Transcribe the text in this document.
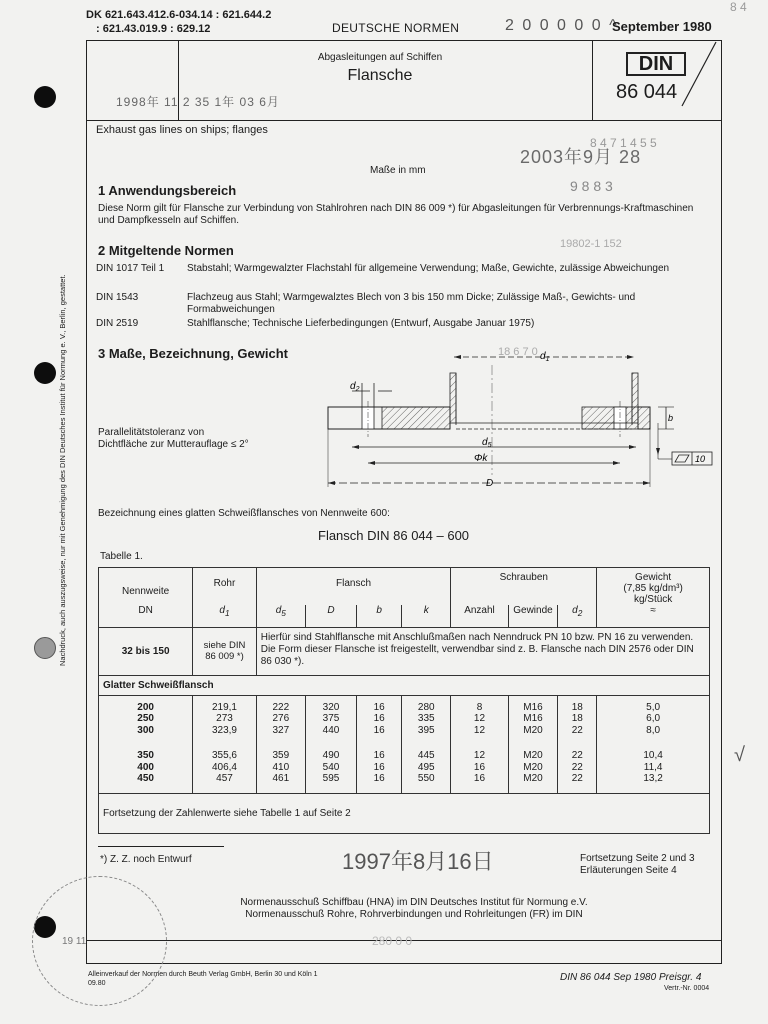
DK 621.643.412.6-034.14 : 621.644.2
: 621.43.019.9 : 629.12	DEUTSCHE NORMEN	2 0 0 0 0 0 ^
September 1980
8 4
Abgasleitungen auf Schiffen
Flansche
DIN
86 044
1998年 11 2 35 1年 03 6月
Exhaust gas lines on ships; flanges
Maße in mm
2003年9月 28
8 4 7 1 4 5 5
9 8 8 3
19802-1 152
18 6 7 0
1 Anwendungsbereich
Diese Norm gilt für Flansche zur Verbindung von Stahlrohren nach DIN 86 009 *) für Abgasleitungen für Verbrennungs-Kraftmaschinen und Dampfkesseln auf Schiffen.
2 Mitgeltende Normen
DIN 1017 Teil 1 Stabstahl; Warmgewalzter Flachstahl für allgemeine Verwendung; Maße, Gewichte, zulässige Abweichungen
DIN 1543	Flachzeug aus Stahl; Warmgewalztes Blech von 3 bis 150 mm Dicke; Zulässige Maß-, Gewichts- und Formabweichungen
DIN 2519	Stahlflansche; Technische Lieferbedingungen (Entwurf, Ausgabe Januar 1975)
3 Maße, Bezeichnung, Gewicht
Parallelitätstoleranz von
Dichtfläche zur Mutterauflage ≤ 2°
$d_1$
$d_2$
b
$d_5$
Φk
D
10
Bezeichnung eines glatten Schweißflansches von Nennweite 600:
Flansch DIN 86 044 – 600
Tabelle 1.
Nachdruck, auch auszugsweise, nur mit Genehmigung des DIN Deutsches Institut für Normung e. V., Berlin, gestattet.	Nennweite	Rohr	Flansch				Schrauben			Gewicht
(7,85 kg/dm³)
kg/Stück

DN	$d_1$	$d_5$	D	b	k	Anzahl	Gewinde	$d_2$	≈
32 bis 150	siehe DIN 86 009 *)	Hierfür sind Stahlflansche mit Anschlußmaßen nach Nenndruck PN 10 bzw. PN 16 zu verwenden. Die Form dieser Flansche ist freigestellt, verwendbar sind z. B. Flansche nach DIN 2576 oder DIN 86 030 *).							
Glatter Schweißflansch									
200	219,1	222	320	16	280	8	M16	18	5,0
250	273	276	375	16	335	12	M16	18	6,0
300	323,9	327	440	16	395	12	M20	22	8,0
350	355,6	359	490	16	445	12	M20	22	10,4
400	406,4	410	540	16	495	16	M20	22	11,4
450	457	461	595	16	550	16	M20	22	13,2
Fortsetzung der Zahlenwerte siehe Tabelle 1 auf Seite 2									
√
*) Z. Z. noch Entwurf	1997年8月16日	Fortsetzung Seite 2 und 3
Erläuterungen Seite 4
Normenausschuß Schiffbau (HNA) im DIN Deutsches Institut für Normung e.V.
Normenausschuß Rohre, Rohrverbindungen und Rohrleitungen (FR) im DIN
19 11	280 0 0
Alleinverkauf der Normen durch Beuth Verlag GmbH, Berlin 30 und Köln 1
09.80
DIN 86 044 Sep 1980 Preisgr. 4
Vertr.-Nr. 0004
